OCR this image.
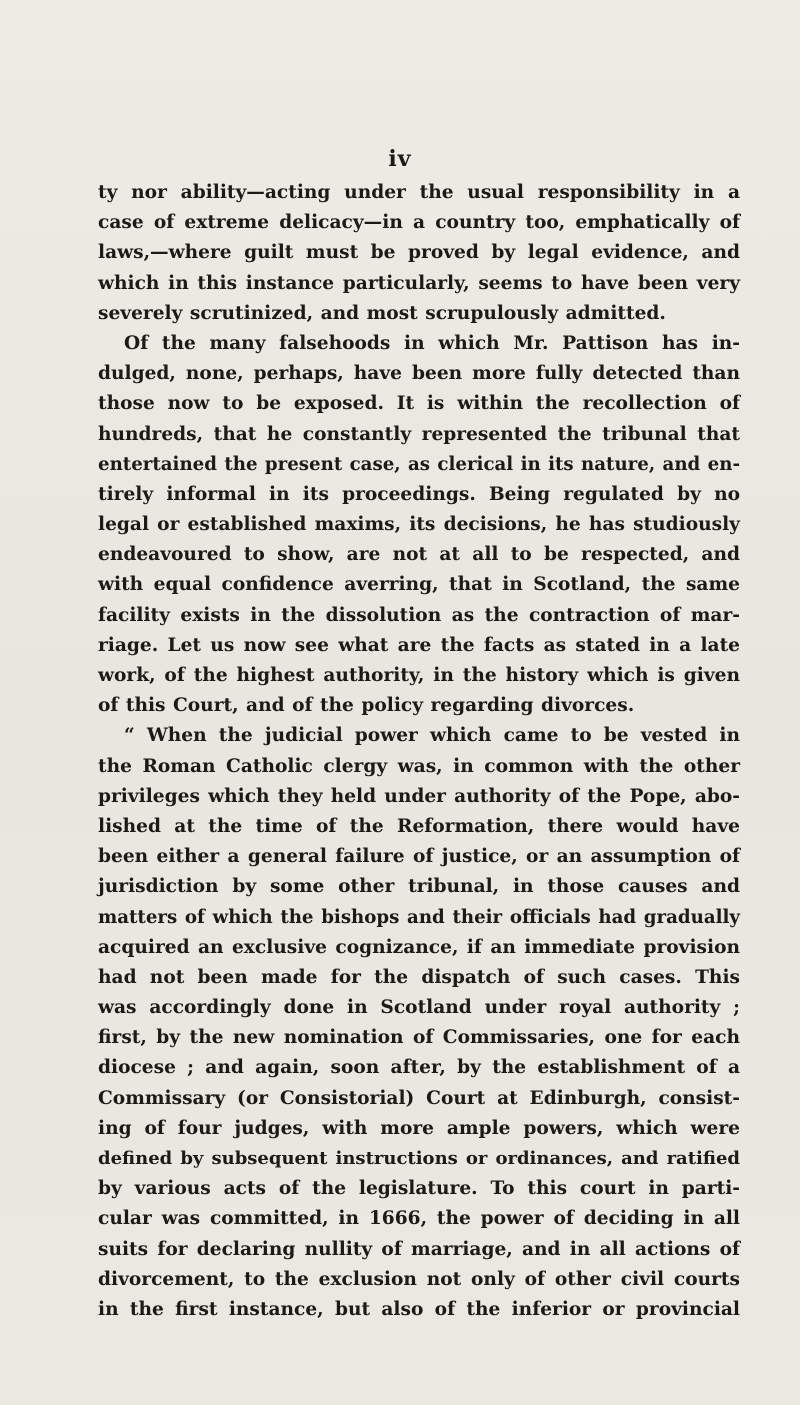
iv
ty nor ability—acting under the usual responsibility in a
case of extreme delicacy—in a country too, emphatically of
laws,—where guilt must be proved by legal evidence, and
which in this instance particularly, seems to have been very
severely scrutinized, and most scrupulously admitted.
Of the many falsehoods in which Mr. Pattison has in-
dulged, none, perhaps, have been more fully detected than
those now to be exposed. It is within the recollection of
hundreds, that he constantly represented the tribunal that
entertained the present case, as clerical in its nature, and en-
tirely informal in its proceedings. Being regulated by no
legal or established maxims, its decisions, he has studiously
endeavoured to show, are not at all to be respected, and
with equal confidence averring, that in Scotland, the same
facility exists in the dissolution as the contraction of mar-
riage. Let us now see what are the facts as stated in a late
work, of the highest authority, in the history which is given
of this Court, and of the policy regarding divorces.
“ When the judicial power which came to be vested in
the Roman Catholic clergy was, in common with the other
privileges which they held under authority of the Pope, abo-
lished at the time of the Reformation, there would have
been either a general failure of justice, or an assumption of
jurisdiction by some other tribunal, in those causes and
matters of which the bishops and their officials had gradually
acquired an exclusive cognizance, if an immediate provision
had not been made for the dispatch of such cases. This
was accordingly done in Scotland under royal authority ;
first, by the new nomination of Commissaries, one for each
diocese ; and again, soon after, by the establishment of a
Commissary (or Consistorial) Court at Edinburgh, consist-
ing of four judges, with more ample powers, which were
defined by subsequent instructions or ordinances, and ratified
by various acts of the legislature. To this court in parti-
cular was committed, in 1666, the power of deciding in all
suits for declaring nullity of marriage, and in all actions of
divorcement, to the exclusion not only of other civil courts
in the first instance, but also of the inferior or provincial
